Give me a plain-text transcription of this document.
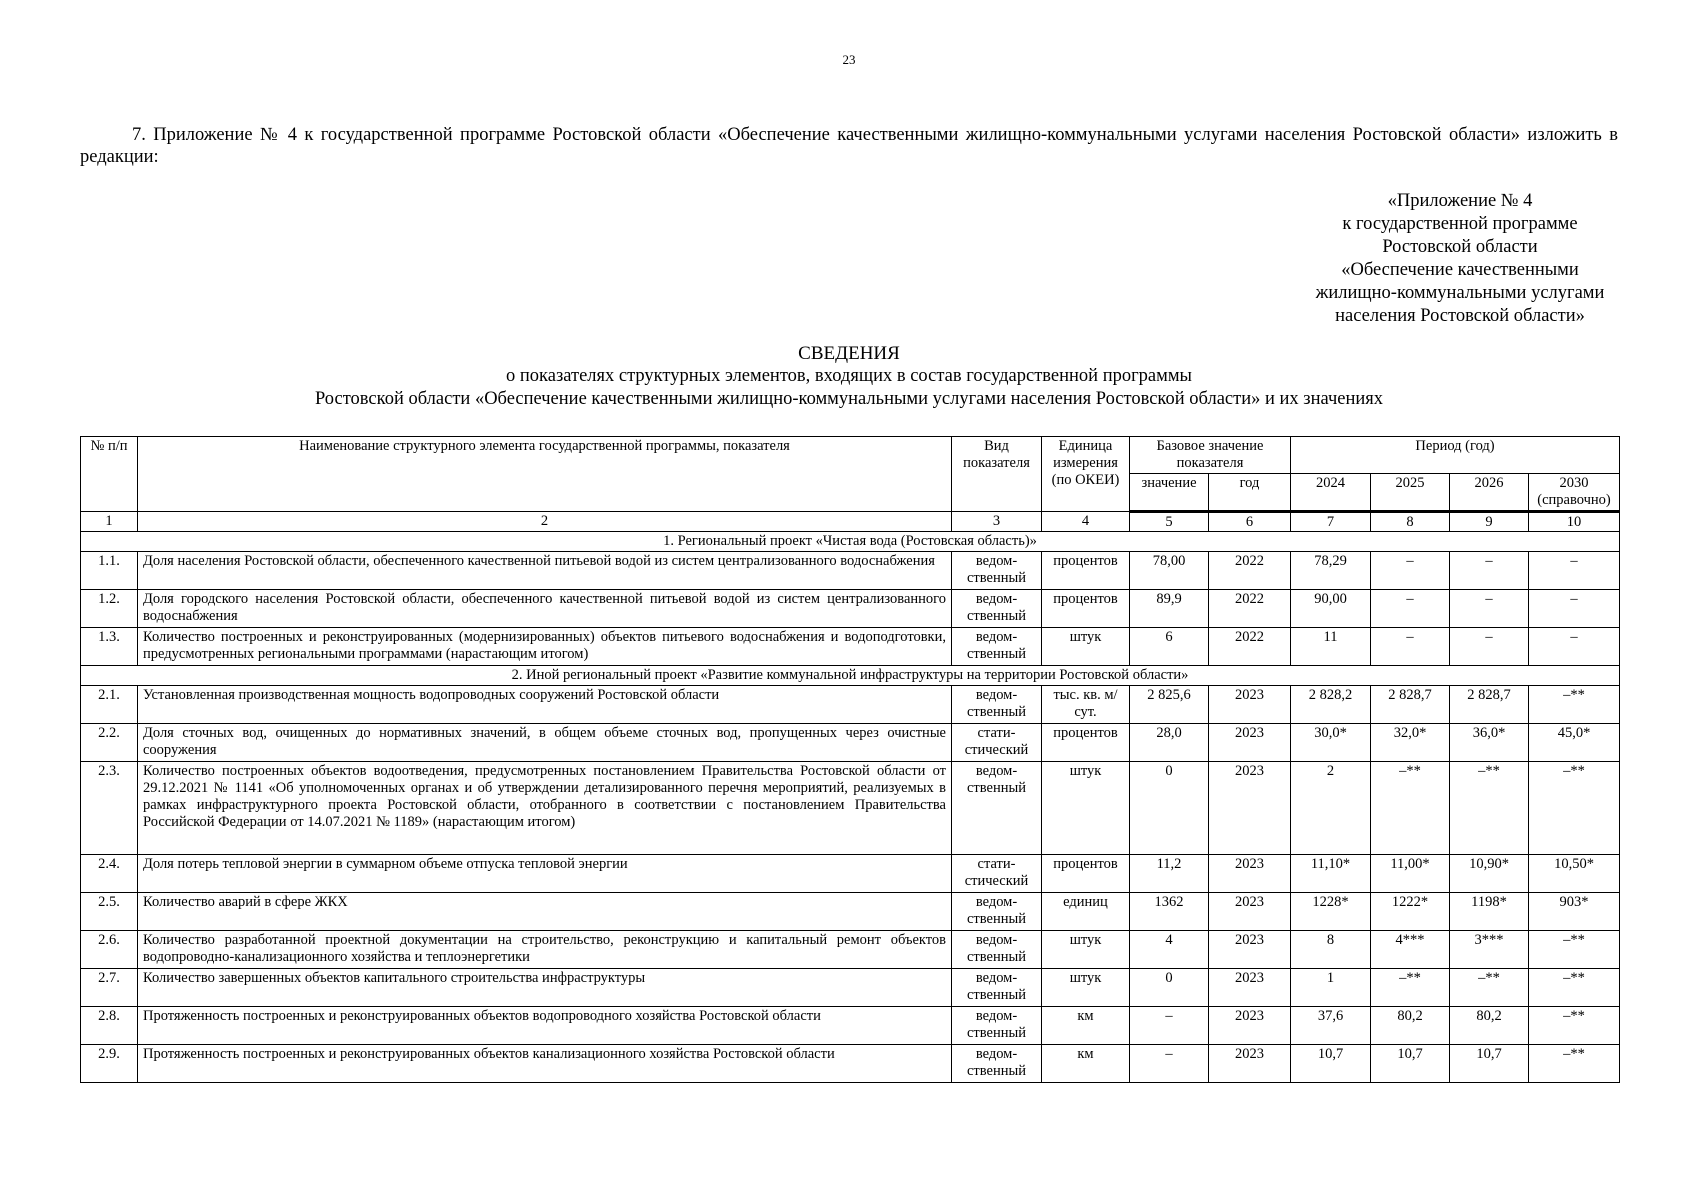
23
7. Приложение № 4 к государственной программе Ростовской области «Обеспечение качественными жилищно-коммунальными услугами населения Ростовской области» изложить в редакции:
«Приложение № 4
к государственной программе
Ростовской области
«Обеспечение качественными
жилищно-коммунальными услугами
населения Ростовской области»
СВЕДЕНИЯ
о показателях структурных элементов, входящих в состав государственной программы
Ростовской области «Обеспечение качественными жилищно-коммунальными услугами населения Ростовской области» и их значениях
№ п/п	Наименование структурного элемента государственной программы, показателя	Вид показателя	Единица измерения (по ОКЕИ)	Базовое значение показателя		Период (год)			
				значение	год	2024	2025	2026	2030 (справочно)
1	2	3	4	5	6	7	8	9	10
1. Региональный проект «Чистая вода (Ростовская область)»									
1.1.	Доля населения Ростовской области, обеспеченного качественной питьевой водой из систем централизованного водоснабжения	ведом-ственный	процентов	78,00	2022	78,29	–	–	–
1.2.	Доля городского населения Ростовской области, обеспеченного качественной питьевой водой из систем централизованного водоснабжения	ведом-ственный	процентов	89,9	2022	90,00	–	–	–
1.3.	Количество построенных и реконструированных (модернизированных) объектов питьевого водоснабжения и водоподготовки, предусмотренных региональными программами (нарастающим итогом)	ведом-ственный	штук	6	2022	11	–	–	–
2. Иной региональный проект «Развитие коммунальной инфраструктуры на территории Ростовской области»									
2.1.	Установленная производственная мощность водопроводных сооружений Ростовской области	ведом-ственный	тыс. кв. м/сут.	2 825,6	2023	2 828,2	2 828,7	2 828,7	–**
2.2.	Доля сточных вод, очищенных до нормативных значений, в общем объеме сточных вод, пропущенных через очистные сооружения	стати-стический	процентов	28,0	2023	30,0*	32,0*	36,0*	45,0*
2.3.	Количество построенных объектов водоотведения, предусмотренных постановлением Правительства Ростовской области от 29.12.2021 № 1141 «Об уполномоченных органах и об утверждении детализированного перечня мероприятий, реализуемых в рамках инфраструктурного проекта Ростовской области, отобранного в соответствии с постановлением Правительства Российской Федерации от 14.07.2021 № 1189» (нарастающим итогом)	ведом-ственный	штук	0	2023	2	–**	–**	–**
2.4.	Доля потерь тепловой энергии в суммарном объеме отпуска тепловой энергии	стати-стический	процентов	11,2	2023	11,10*	11,00*	10,90*	10,50*
2.5.	Количество аварий в сфере ЖКХ	ведом-ственный	единиц	1362	2023	1228*	1222*	1198*	903*
2.6.	Количество разработанной проектной документации на строительство, реконструкцию и капитальный ремонт объектов водопроводно-канализационного хозяйства и теплоэнергетики	ведом-ственный	штук	4	2023	8	4***	3***	–**
2.7.	Количество завершенных объектов капитального строительства инфраструктуры	ведом-ственный	штук	0	2023	1	–**	–**	–**
2.8.	Протяженность построенных и реконструированных объектов водопроводного хозяйства Ростовской области	ведом-ственный	км	–	2023	37,6	80,2	80,2	–**
2.9.	Протяженность построенных и реконструированных объектов канализационного хозяйства Ростовской области	ведом-ственный	км	–	2023	10,7	10,7	10,7	–**
